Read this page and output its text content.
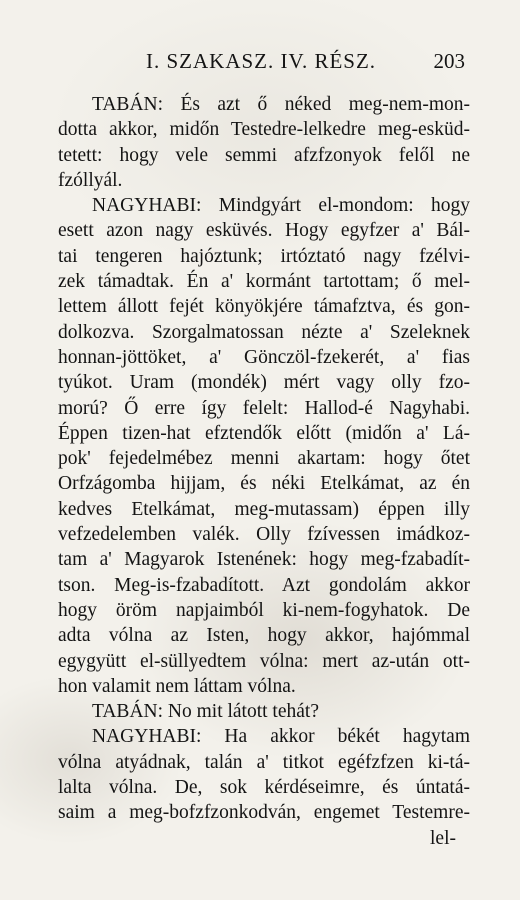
I. SZAKASZ. IV. RÉSZ.	203
TABÁN: És azt ő néked meg-nem-mon-
dotta akkor, midőn Testedre-lelkedre meg-esküd-
tetett: hogy vele semmi afzfzonyok felől ne
fzóllyál.
NAGYHABI: Mindgyárt el-mondom: hogy
esett azon nagy esküvés. Hogy egyfzer a' Bál-
tai tengeren hajóztunk; irtóztató nagy fzélvi-
zek támadtak. Én a' kormánt tartottam; ő mel-
lettem állott fejét könyökjére támafztva, és gon-
dolkozva. Szorgalmatossan nézte a' Szeleknek
honnan-jöttöket, a' Gönczöl-fzekerét, a' fias
tyúkot. Uram (mondék) mért vagy olly fzo-
morú? Ő erre így felelt: Hallod-é Nagyhabi.
Éppen tizen-hat efztendők előtt (midőn a' Lá-
pok' fejedelmébez menni akartam: hogy őtet
Orfzágomba hijjam, és néki Etelkámat, az én
kedves Etelkámat, meg-mutassam) éppen illy
vefzedelemben valék. Olly fzívessen imádkoz-
tam a' Magyarok Istenének: hogy meg-fzabadít-
tson. Meg-is-fzabadított. Azt gondolám akkor
hogy öröm napjaimból ki-nem-fogyhatok. De
adta vólna az Isten, hogy akkor, hajómmal
egygyütt el-süllyedtem vólna: mert az-után ott-
hon valamit nem láttam vólna.
TABÁN: No mit látott tehát?
NAGYHABI: Ha akkor békét hagytam
vólna atyádnak, talán a' titkot egéfzfzen ki-tá-
lalta vólna. De, sok kérdéseimre, és úntatá-
saim a meg-bofzfzonkodván, engemet Testemre-
lel-
